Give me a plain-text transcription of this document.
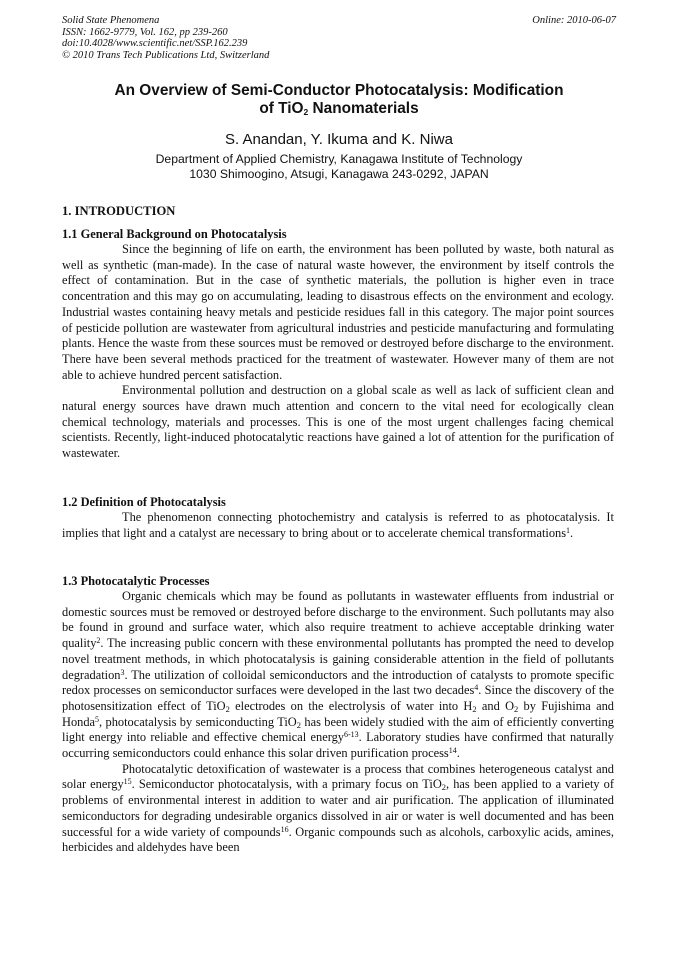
Solid State Phenomena
ISSN: 1662-9779, Vol. 162, pp 239-260
doi:10.4028/www.scientific.net/SSP.162.239
© 2010 Trans Tech Publications Ltd, Switzerland
Online: 2010-06-07
An Overview of Semi-Conductor Photocatalysis: Modification
of TiO$_2$ Nanomaterials
S. Anandan, Y. Ikuma and K. Niwa
Department of Applied Chemistry, Kanagawa Institute of Technology
1030 Shimoogino, Atsugi, Kanagawa 243-0292, JAPAN
1. INTRODUCTION
1.1 General Background on Photocatalysis

Since the beginning of life on earth, the environment has been polluted by waste, both natural as well as synthetic (man-made). In the case of natural waste however, the environment by itself controls the effect of contamination. But in the case of synthetic materials, the pollution is higher even in trace concentration and this may go on accumulating, leading to disastrous effects on the environment and ecology. Industrial wastes containing heavy metals and pesticide residues fall in this category. The major point sources of pesticide pollution are wastewater from agricultural industries and pesticide manufacturing and formulating plants. Hence the waste from these sources must be removed or destroyed before discharge to the environment. There have been several methods practiced for the treatment of wastewater. However many of them are not able to achieve hundred percent satisfaction.

Environmental pollution and destruction on a global scale as well as lack of sufficient clean and natural energy sources have drawn much attention and concern to the vital need for ecologically clean chemical technology, materials and processes. This is one of the most urgent challenges facing chemical scientists. Recently, light-induced photocatalytic reactions have gained a lot of attention for the purification of wastewater.

1.2 Definition of Photocatalysis

The phenomenon connecting photochemistry and catalysis is referred to as photocatalysis. It implies that light and a catalyst are necessary to bring about or to accelerate chemical transformations$^1$.

1.3 Photocatalytic Processes

Organic chemicals which may be found as pollutants in wastewater effluents from industrial or domestic sources must be removed or destroyed before discharge to the environment. Such pollutants may also be found in ground and surface water, which also require treatment to achieve acceptable drinking water quality$^2$. The increasing public concern with these environmental pollutants has prompted the need to develop novel treatment methods, in which photocatalysis is gaining considerable attention in the field of pollutants degradation$^3$. The utilization of colloidal semiconductors and the introduction of catalysts to promote specific redox processes on semiconductor surfaces were developed in the last two decades$^4$. Since the discovery of the photosensitization effect of TiO$_2$ electrodes on the electrolysis of water into $H_2$ and $O_2$ by Fujishima and Honda$^5$, photocatalysis by semiconducting TiO$_2$ has been widely studied with the aim of efficiently converting light energy into reliable and effective chemical energy$^{6-13}$. Laboratory studies have confirmed that naturally occurring semiconductors could enhance this solar driven purification process$^{14}$.

Photocatalytic detoxification of wastewater is a process that combines heterogeneous catalyst and solar energy$^{15}$. Semiconductor photocatalysis, with a primary focus on TiO$_2$, has been applied to a variety of problems of environmental interest in addition to water and air purification. The application of illuminated semiconductors for degrading undesirable organics dissolved in air or water is well documented and has been successful for a wide variety of compounds$^{16}$. Organic compounds such as alcohols, carboxylic acids, amines, herbicides and aldehydes have been
